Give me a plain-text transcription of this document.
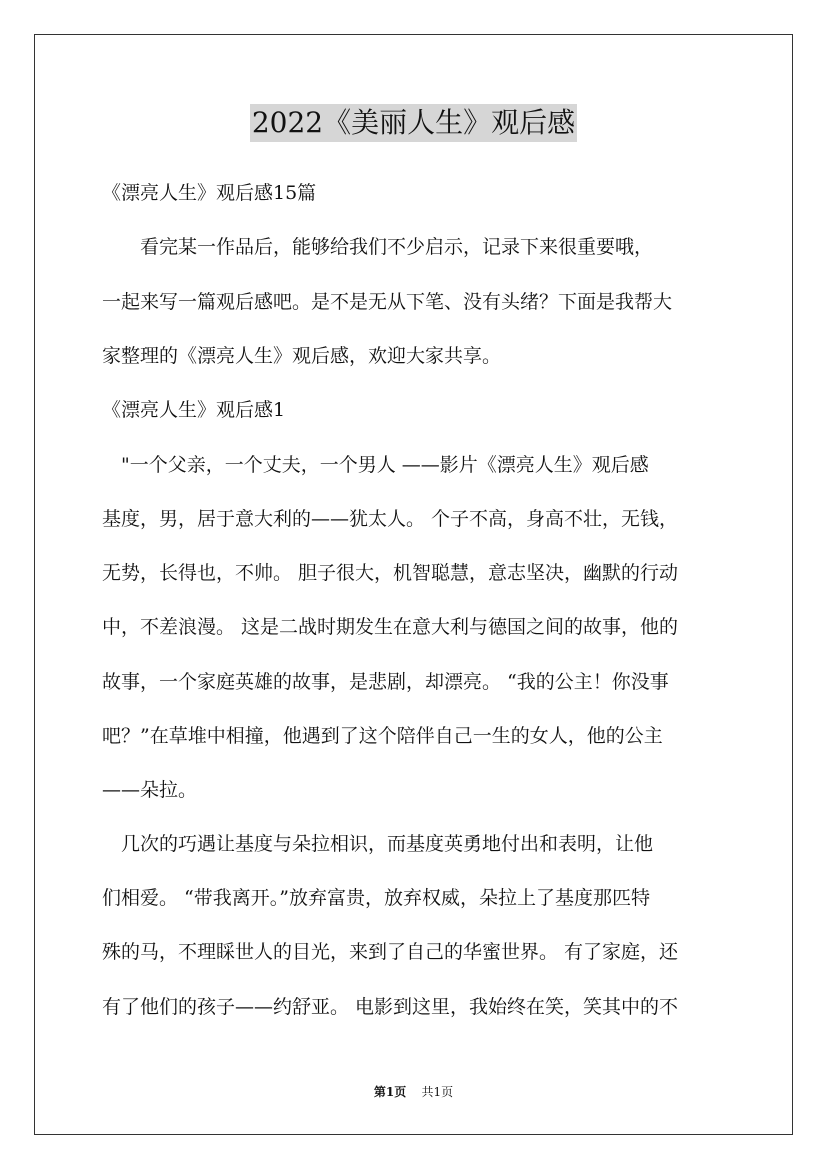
2022《美丽人生》观后感
《漂亮人生》观后感15篇
　　看完某一作品后，能够给我们不少启示，记录下来很重要哦，
一起来写一篇观后感吧。是不是无从下笔、没有头绪？下面是我帮大
家整理的《漂亮人生》观后感，欢迎大家共享。
《漂亮人生》观后感1
　"一个父亲，一个丈夫，一个男人 ——影片《漂亮人生》观后感
基度，男，居于意大利的——犹太人。 个子不高，身高不壮，无钱，
无势，长得也，不帅。 胆子很大，机智聪慧，意志坚决，幽默的行动
中，不差浪漫。 这是二战时期发生在意大利与德国之间的故事，他的
故事，一个家庭英雄的故事，是悲剧，却漂亮。 “我的公主！你没事
吧？”在草堆中相撞，他遇到了这个陪伴自己一生的女人，他的公主
——朵拉。
　几次的巧遇让基度与朵拉相识，而基度英勇地付出和表明，让他
们相爱。 “带我离开。”放弃富贵，放弃权威，朵拉上了基度那匹特
殊的马，不理睬世人的目光，来到了自己的华蜜世界。 有了家庭，还
有了他们的孩子——约舒亚。 电影到这里，我始终在笑，笑其中的不
第1页 共1页
